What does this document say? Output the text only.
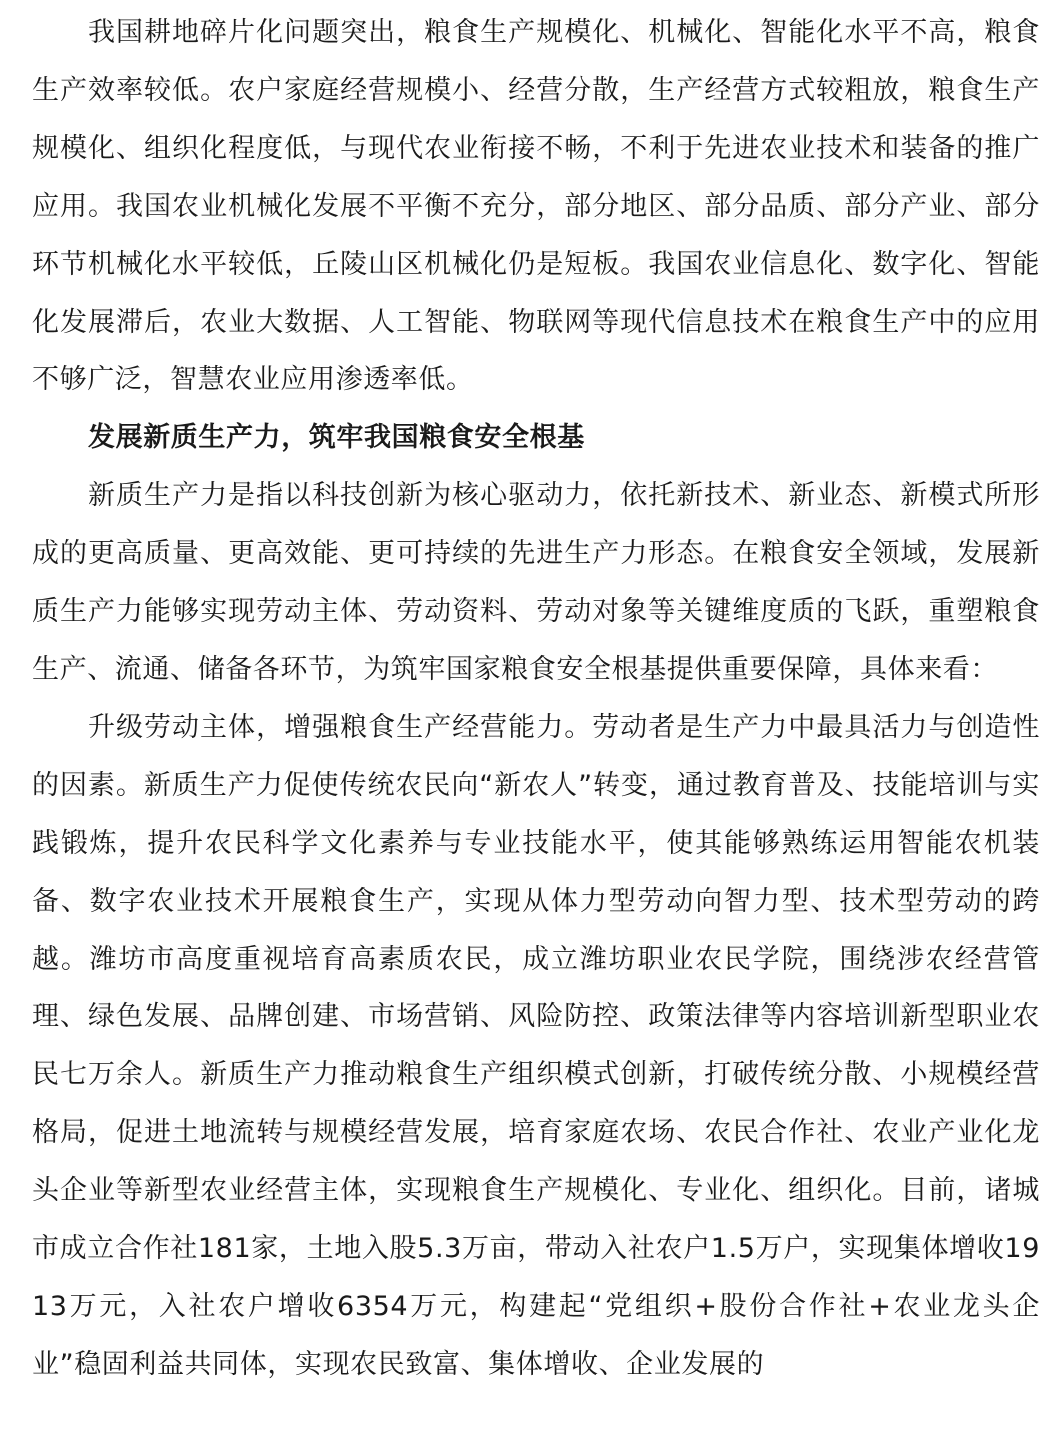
我国耕地碎片化问题突出，粮食生产规模化、机械化、智能化水平不高，粮食生产效率较低。农户家庭经营规模小、经营分散，生产经营方式较粗放，粮食生产规模化、组织化程度低，与现代农业衔接不畅，不利于先进农业技术和装备的推广应用。我国农业机械化发展不平衡不充分，部分地区、部分品质、部分产业、部分环节机械化水平较低，丘陵山区机械化仍是短板。我国农业信息化、数字化、智能化发展滞后，农业大数据、人工智能、物联网等现代信息技术在粮食生产中的应用不够广泛，智慧农业应用渗透率低。

发展新质生产力，筑牢我国粮食安全根基

新质生产力是指以科技创新为核心驱动力，依托新技术、新业态、新模式所形成的更高质量、更高效能、更可持续的先进生产力形态。在粮食安全领域，发展新质生产力能够实现劳动主体、劳动资料、劳动对象等关键维度质的飞跃，重塑粮食生产、流通、储备各环节，为筑牢国家粮食安全根基提供重要保障，具体来看：

升级劳动主体，增强粮食生产经营能力。劳动者是生产力中最具活力与创造性的因素。新质生产力促使传统农民向“新农人”转变，通过教育普及、技能培训与实践锻炼，提升农民科学文化素养与专业技能水平，使其能够熟练运用智能农机装备、数字农业技术开展粮食生产，实现从体力型劳动向智力型、技术型劳动的跨越。潍坊市高度重视培育高素质农民，成立潍坊职业农民学院，围绕涉农经营管理、绿色发展、品牌创建、市场营销、风险防控、政策法律等内容培训新型职业农民七万余人。新质生产力推动粮食生产组织模式创新，打破传统分散、小规模经营格局，促进土地流转与规模经营发展，培育家庭农场、农民合作社、农业产业化龙头企业等新型农业经营主体，实现粮食生产规模化、专业化、组织化。目前，诸城市成立合作社181家，土地入股5.3万亩，带动入社农户1.5万户，实现集体增收1913万元，入社农户增收6354万元，构建起“党组织+股份合作社+农业龙头企业”稳固利益共同体，实现农民致富、集体增收、企业发展的
